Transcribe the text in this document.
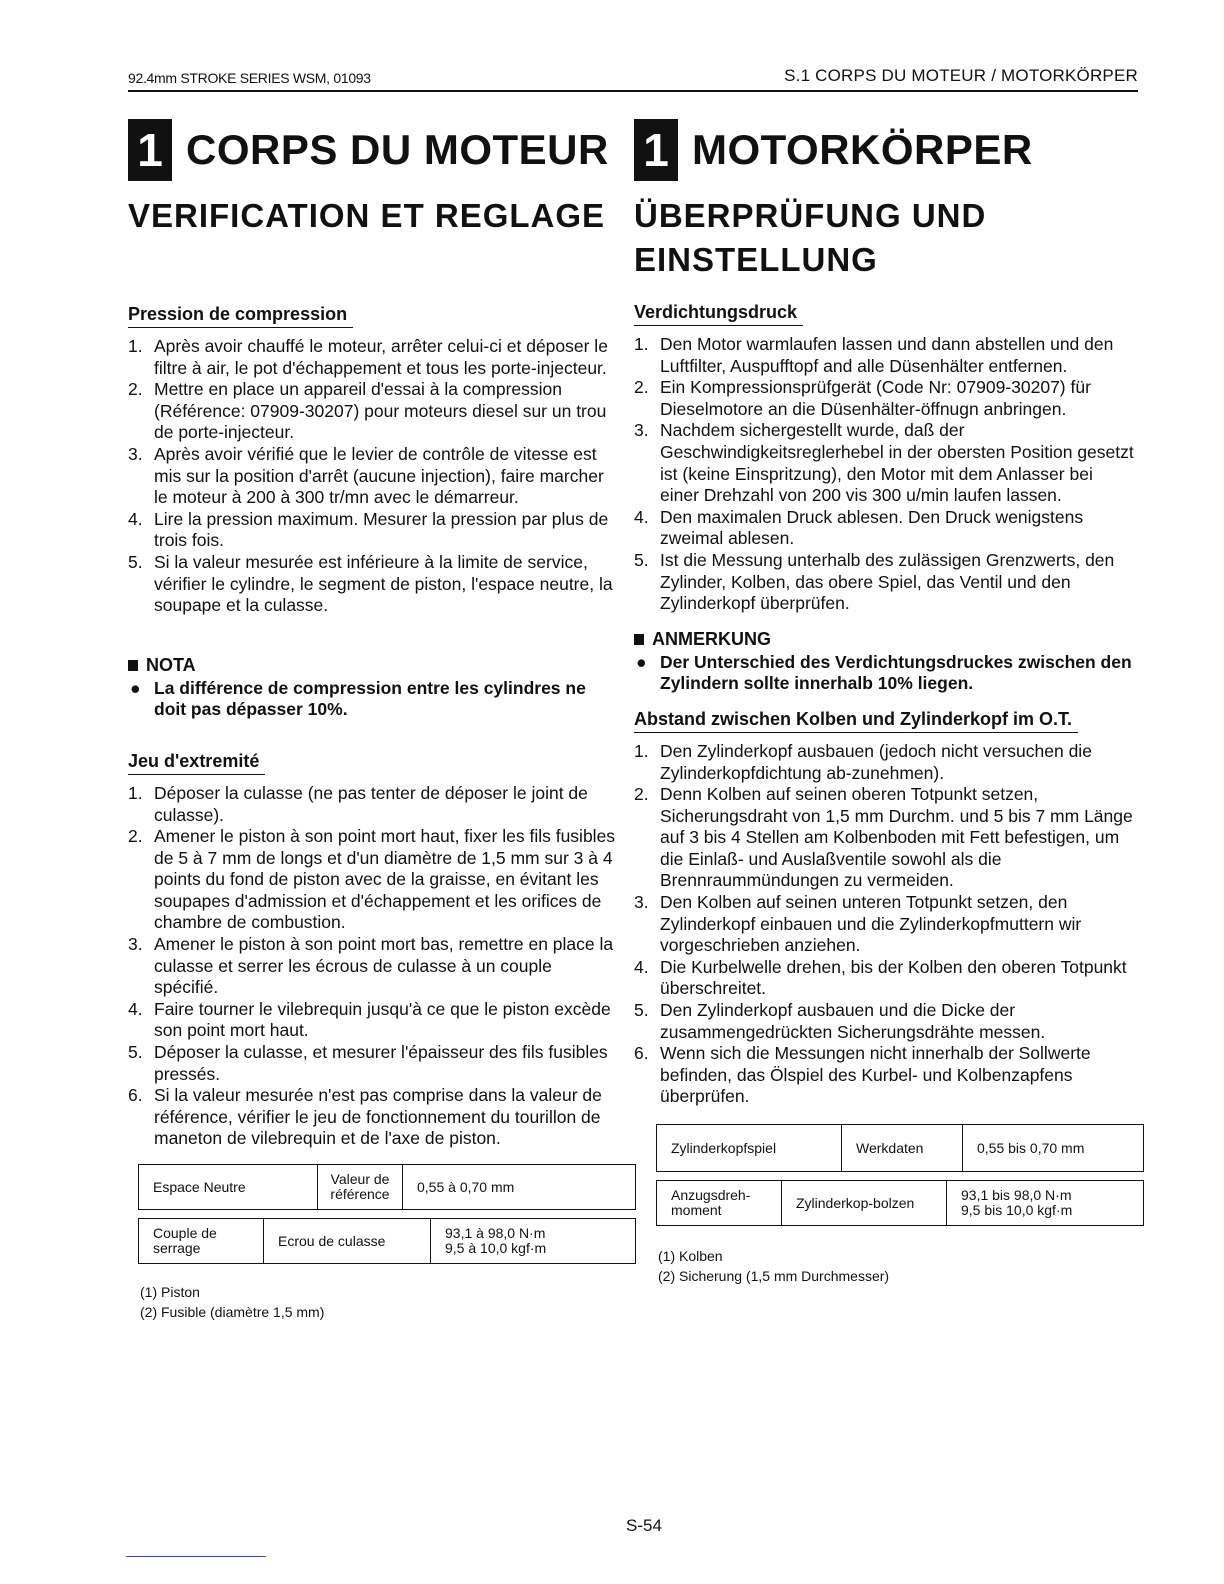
92.4mm STROKE SERIES WSM, 01093	S.1 CORPS DU MOTEUR / MOTORKÖRPER
1 CORPS DU MOTEUR
VERIFICATION ET REGLAGE
Pression de compression
1. Après avoir chauffé le moteur, arrêter celui-ci et déposer le filtre à air, le pot d'échappement et tous les porte-injecteur.
2. Mettre en place un appareil d'essai à la compression (Référence: 07909-30207) pour moteurs diesel sur un trou de porte-injecteur.
3. Après avoir vérifié que le levier de contrôle de vitesse est mis sur la position d'arrêt (aucune injection), faire marcher le moteur à 200 à 300 tr/mn avec le démarreur.
4. Lire la pression maximum. Mesurer la pression par plus de trois fois.
5. Si la valeur mesurée est inférieure à la limite de service, vérifier le cylindre, le segment de piston, l'espace neutre, la soupape et la culasse.
NOTA
● La différence de compression entre les cylindres ne doit pas dépasser 10%.
Jeu d'extremité
1. Déposer la culasse (ne pas tenter de déposer le joint de culasse).
2. Amener le piston à son point mort haut, fixer les fils fusibles de 5 à 7 mm de longs et d'un diamètre de 1,5 mm sur 3 à 4 points du fond de piston avec de la graisse, en évitant les soupapes d'admission et d'échappement et les orifices de chambre de combustion.
3. Amener le piston à son point mort bas, remettre en place la culasse et serrer les écrous de culasse à un couple spécifié.
4. Faire tourner le vilebrequin jusqu'à ce que le piston excède son point mort haut.
5. Déposer la culasse, et mesurer l'épaisseur des fils fusibles pressés.
6. Si la valeur mesurée n'est pas comprise dans la valeur de référence, vérifier le jeu de fonctionnement du tourillon de maneton de vilebrequin et de l'axe de piston.
Espace Neutre	Valeur de référence	0,55 à 0,70 mm
Couple de serrage	Ecrou de culasse	93,1 à 98,0 N·m
9,5 à 10,0 kgf·m
(1) Piston
(2) Fusible (diamètre 1,5 mm)
1 MOTORKÖRPER
ÜBERPRÜFUNG UND
EINSTELLUNG
Verdichtungsdruck
1. Den Motor warmlaufen lassen und dann abstellen und den Luftfilter, Auspufftopf and alle Düsenhälter entfernen.
2. Ein Kompressionsprüfgerät (Code Nr: 07909-30207) für Dieselmotore an die Düsenhälter-öffnugn anbringen.
3. Nachdem sichergestellt wurde, daß der Geschwindigkeitsreglerhebel in der obersten Position gesetzt ist (keine Einspritzung), den Motor mit dem Anlasser bei einer Drehzahl von 200 vis 300 u/min laufen lassen.
4. Den maximalen Druck ablesen. Den Druck wenigstens zweimal ablesen.
5. Ist die Messung unterhalb des zulässigen Grenzwerts, den Zylinder, Kolben, das obere Spiel, das Ventil und den Zylinderkopf überprüfen.
ANMERKUNG
● Der Unterschied des Verdichtungsdruckes zwischen den Zylindern sollte innerhalb 10% liegen.
Abstand zwischen Kolben und Zylinderkopf im O.T.
1. Den Zylinderkopf ausbauen (jedoch nicht versuchen die Zylinderkopfdichtung ab-zunehmen).
2. Denn Kolben auf seinen oberen Totpunkt setzen, Sicherungsdraht von 1,5 mm Durchm. und 5 bis 7 mm Länge auf 3 bis 4 Stellen am Kolbenboden mit Fett befestigen, um die Einlaß- und Auslaßventile sowohl als die Brennraummündungen zu vermeiden.
3. Den Kolben auf seinen unteren Totpunkt setzen, den Zylinderkopf einbauen und die Zylinderkopfmuttern wir vorgeschrieben anziehen.
4. Die Kurbelwelle drehen, bis der Kolben den oberen Totpunkt überschreitet.
5. Den Zylinderkopf ausbauen und die Dicke der zusammengedrückten Sicherungsdrähte messen.
6. Wenn sich die Messungen nicht innerhalb der Sollwerte befinden, das Ölspiel des Kurbel- und Kolbenzapfens überprüfen.
Zylinderkopfspiel	Werkdaten	0,55 bis 0,70 mm
Anzugsdreh-moment	Zylinderkop-bolzen	93,1 bis 98,0 N·m
9,5 bis 10,0 kgf·m
(1) Kolben
(2) Sicherung (1,5 mm Durchmesser)
S-54
